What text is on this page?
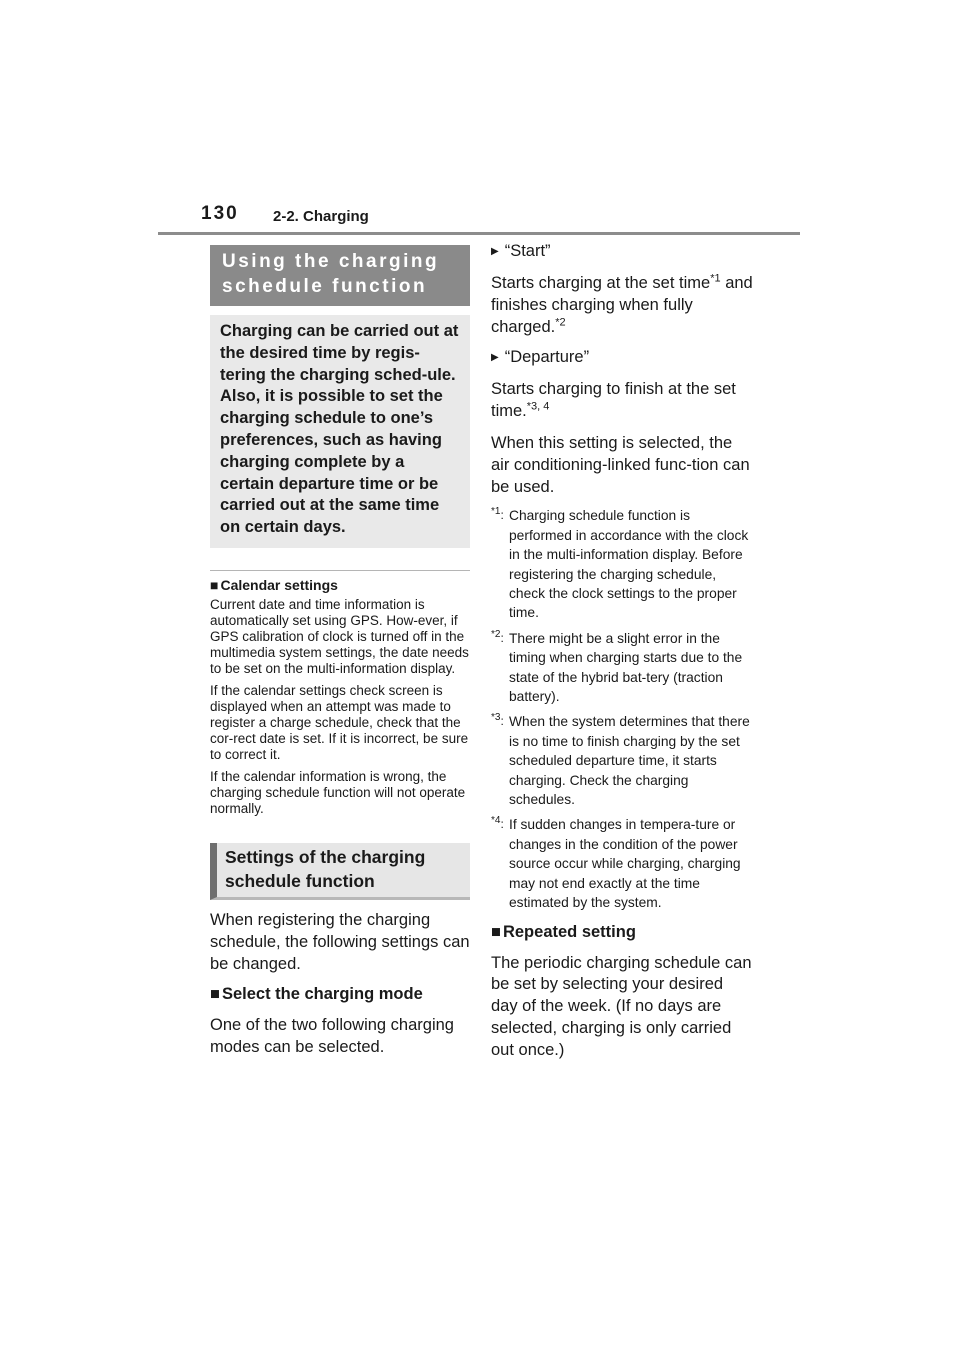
130 2-2. Charging
Using the charging schedule function
Charging can be carried out at the desired time by regis-tering the charging sched-ule. Also, it is possible to set the charging schedule to one’s preferences, such as having charging complete by a certain departure time or be carried out at the same time on certain days.
■ Calendar settings

Current date and time information is automatically set using GPS. How-ever, if GPS calibration of clock is turned off in the multimedia system settings, the date needs to be set on the multi-information display.

If the calendar settings check screen is displayed when an attempt was made to register a charge schedule, check that the cor-rect date is set. If it is incorrect, be sure to correct it.

If the calendar information is wrong, the charging schedule function will not operate normally.

Settings of the charging schedule function

When registering the charging schedule, the following settings can be changed.

■ Select the charging mode

One of the two following charging modes can be selected.

▶ “Start”

Starts charging at the set time$^{*1}$ and finishes charging when fully charged.$^{*2}$

▶ “Departure”

Starts charging to finish at the set time.$^{*3, 4}$

When this setting is selected, the air conditioning-linked func-tion can be used.

$^{*1}$: Charging schedule function is performed in accordance with the clock in the multi-information display. Before registering the charging schedule, check the clock settings to the proper time.
$^{*2}$: There might be a slight error in the timing when charging starts due to the state of the hybrid bat-tery (traction battery).
$^{*3}$: When the system determines that there is no time to finish charging by the set scheduled departure time, it starts charging. Check the charging schedules.
$^{*4}$: If sudden changes in tempera-ture or changes in the condition of the power source occur while charging, charging may not end exactly at the time estimated by the system.
■ Repeated setting

The periodic charging schedule can be set by selecting your desired day of the week. (If no days are selected, charging is only carried out once.)
